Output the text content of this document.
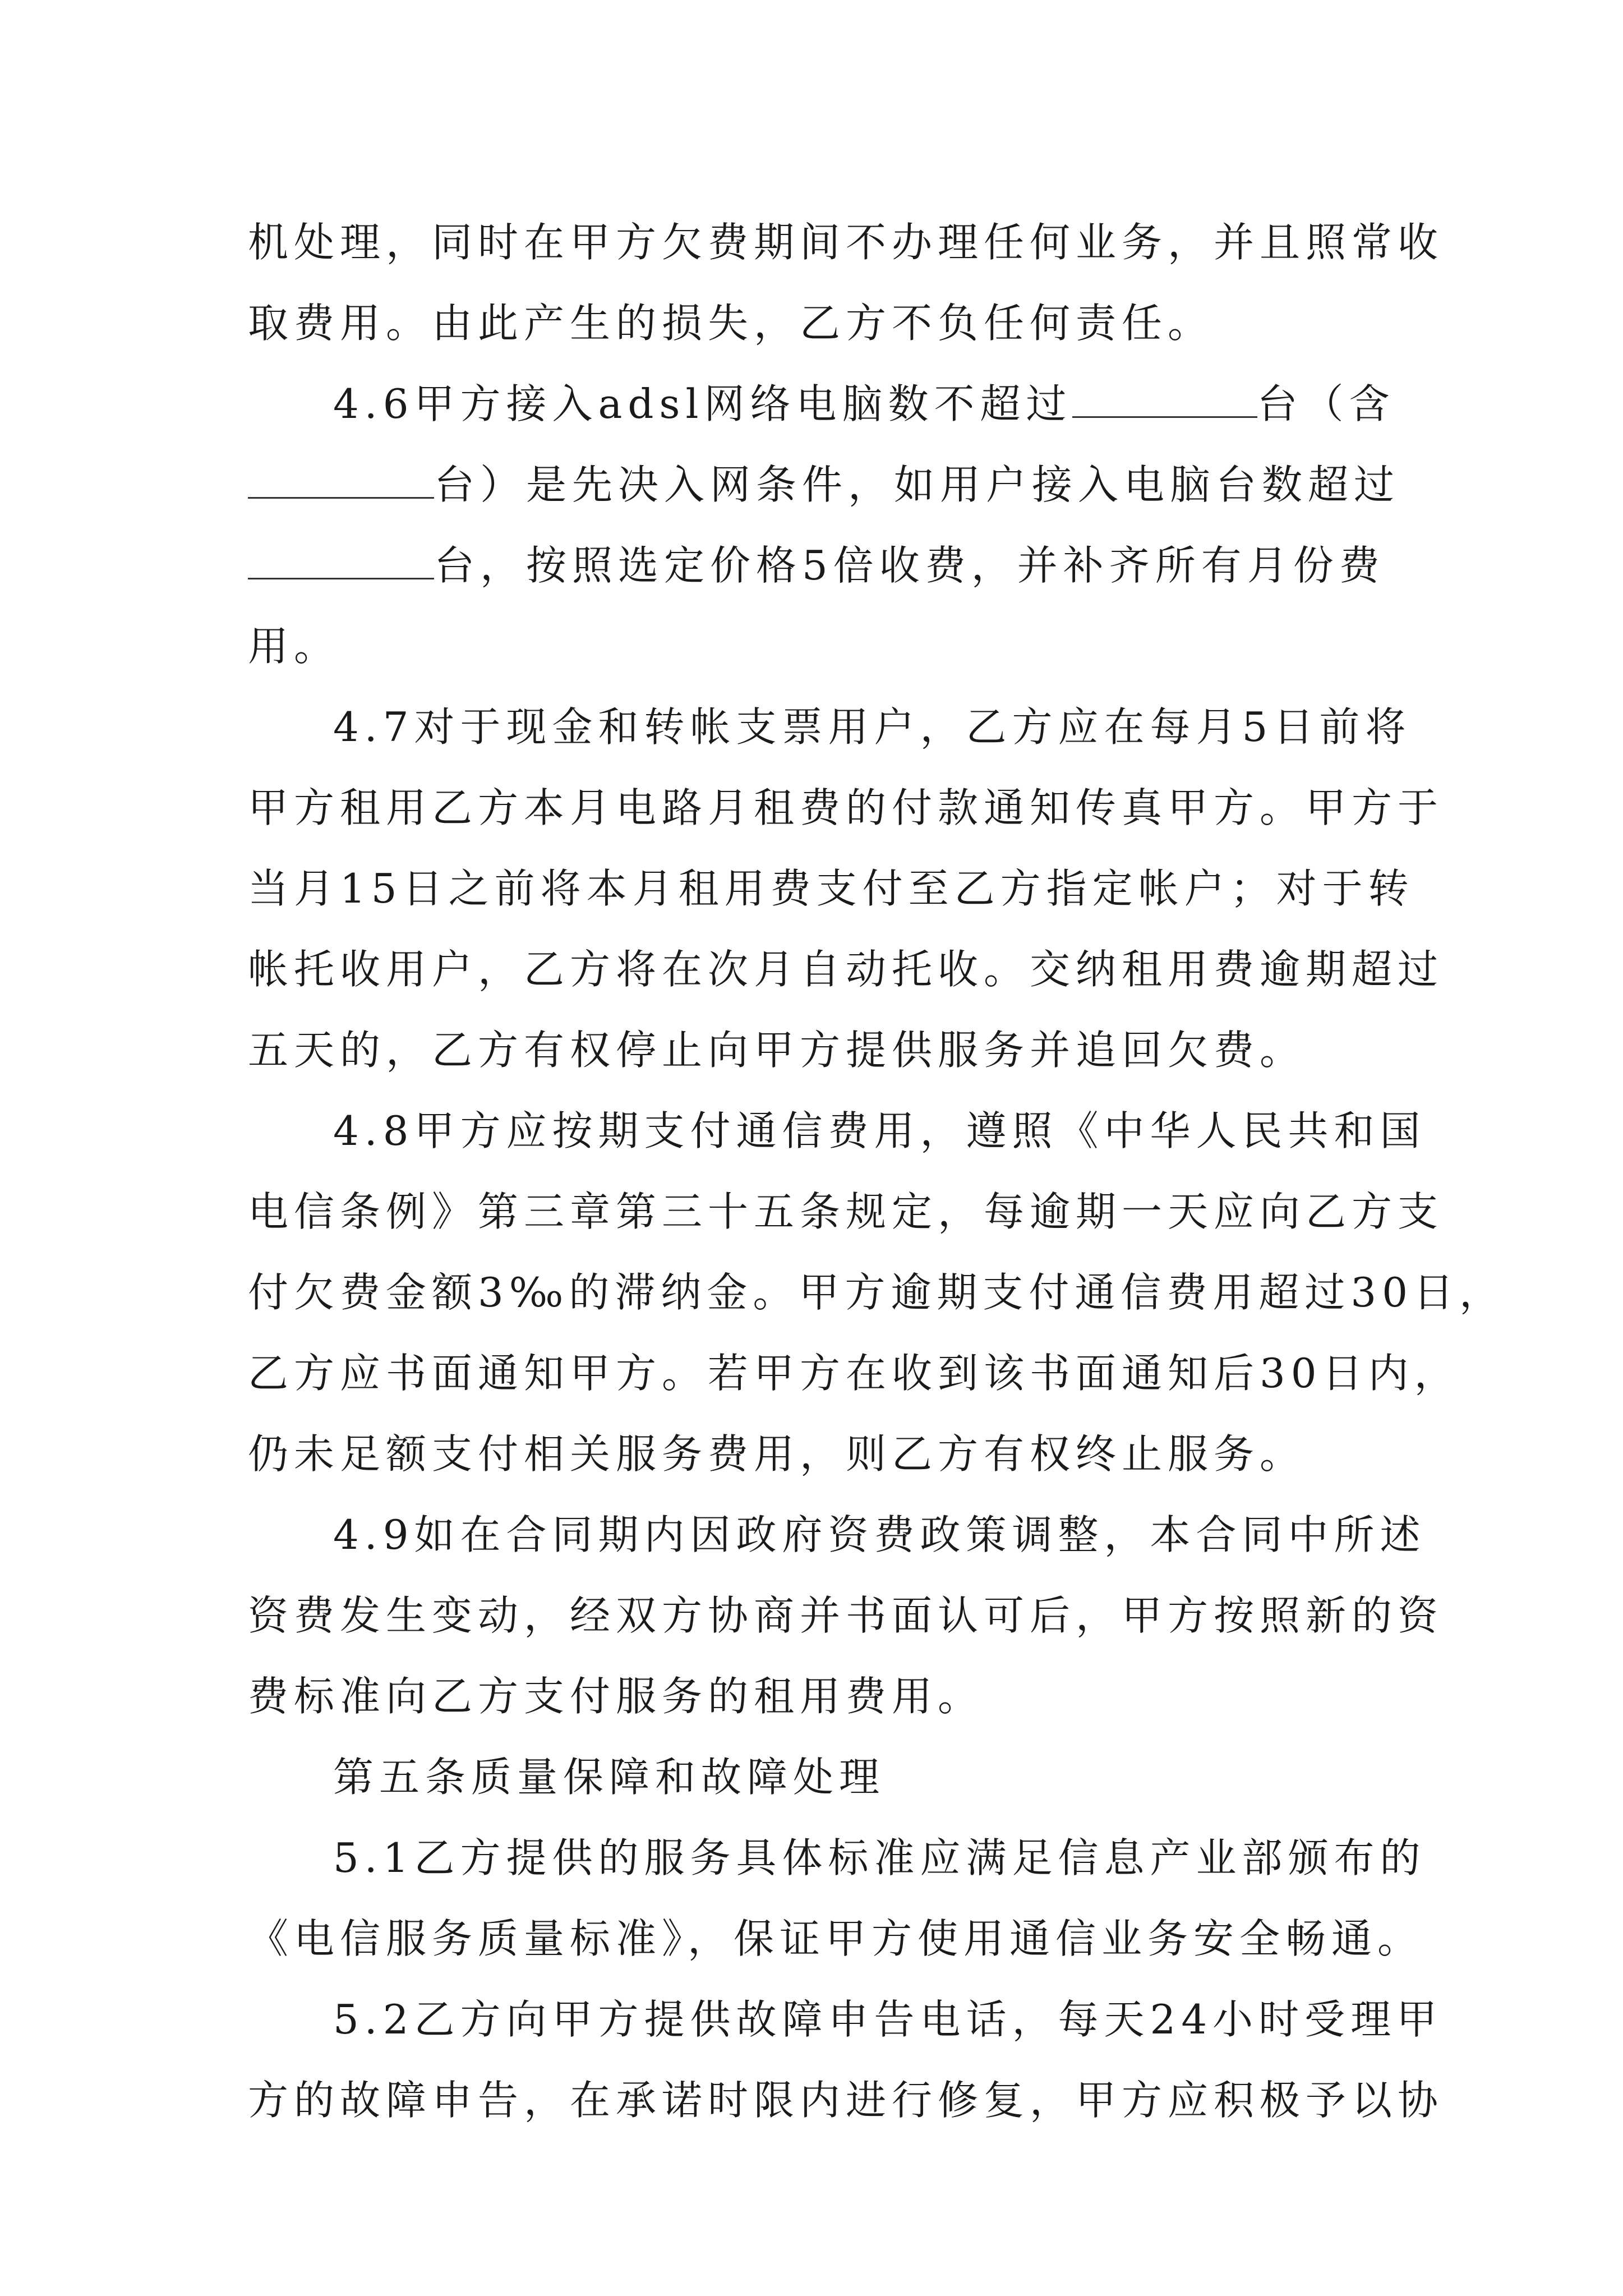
机处理，同时在甲方欠费期间不办理任何业务，并且照常收
取费用。由此产生的损失，乙方不负任何责任。
4.6甲方接入adsl网络电脑数不超过	台（含
台）是先决入网条件，如用户接入电脑台数超过
台，按照选定价格5倍收费，并补齐所有月份费
用。
4.7对于现金和转帐支票用户，乙方应在每月5日前将
甲方租用乙方本月电路月租费的付款通知传真甲方。甲方于
当月15日之前将本月租用费支付至乙方指定帐户；对于转
帐托收用户，乙方将在次月自动托收。交纳租用费逾期超过
五天的，乙方有权停止向甲方提供服务并追回欠费。
4.8甲方应按期支付通信费用，遵照《中华人民共和国
电信条例》第三章第三十五条规定，每逾期一天应向乙方支
付欠费金额3‰的滞纳金。甲方逾期支付通信费用超过30日，
乙方应书面通知甲方。若甲方在收到该书面通知后30日内，
仍未足额支付相关服务费用，则乙方有权终止服务。
4.9如在合同期内因政府资费政策调整，本合同中所述
资费发生变动，经双方协商并书面认可后，甲方按照新的资
费标准向乙方支付服务的租用费用。
第五条质量保障和故障处理
5.1乙方提供的服务具体标准应满足信息产业部颁布的
《电信服务质量标准》，保证甲方使用通信业务安全畅通。
5.2乙方向甲方提供故障申告电话，每天24小时受理甲
方的故障申告，在承诺时限内进行修复，甲方应积极予以协
